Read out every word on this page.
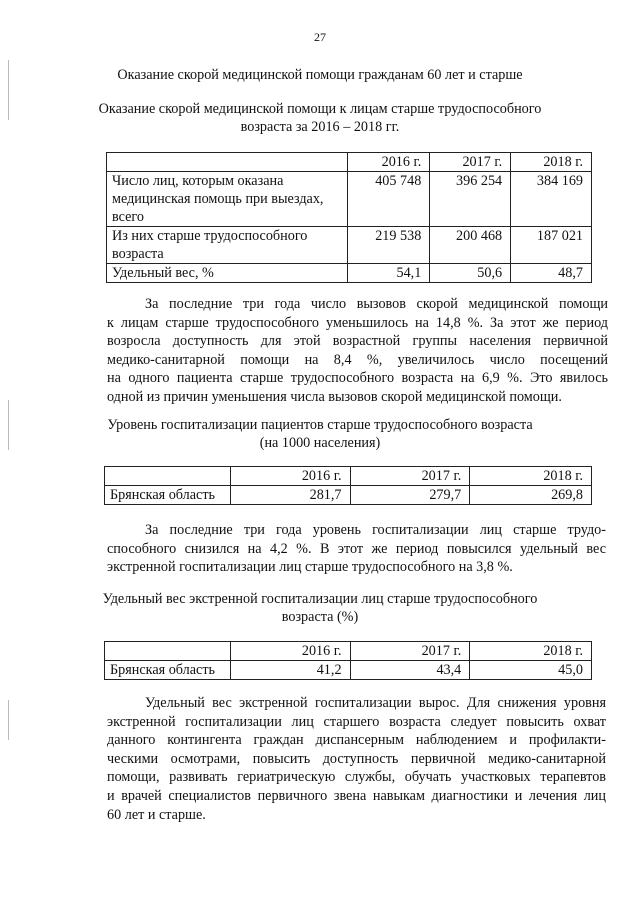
27
Оказание скорой медицинской помощи гражданам 60 лет и старше
Оказание скорой медицинской помощи к лицам старше трудоспособного
возраста за 2016 – 2018 гг.
	2016 г.	2017 г.	2018 г.

Число лиц, которым оказана
медицинская помощь при выездах,
всего	405 748	396 254	384 169

Из них старше трудоспособного
возраста	219 538	200 468	187 021

Удельный вес, %	54,1	50,6	48,7
За последние три года число вызовов скорой медицинской помощи
к лицам старше трудоспособного уменьшилось на 14,8 %. За этот же период
возросла доступность для этой возрастной группы населения первичной
медико-санитарной помощи на 8,4 %, увеличилось число посещений
на одного пациента старше трудоспособного возраста на 6,9 %. Это явилось
одной из причин уменьшения числа вызовов скорой медицинской помощи.
Уровень госпитализации пациентов старше трудоспособного возраста
(на 1000 населения)
	2016 г.	2017 г.	2018 г.
Брянская область	281,7	279,7	269,8
За последние три года уровень госпитализации лиц старше трудо-
способного снизился на 4,2 %. В этот же период повысился удельный вес
экстренной госпитализации лиц старше трудоспособного на 3,8 %.
Удельный вес экстренной госпитализации лиц старше трудоспособного
возраста (%)
	2016 г.	2017 г.	2018 г.
Брянская область	41,2	43,4	45,0
Удельный вес экстренной госпитализации вырос. Для снижения уровня
экстренной госпитализации лиц старшего возраста следует повысить охват
данного контингента граждан диспансерным наблюдением и профилакти-
ческими осмотрами, повысить доступность первичной медико-санитарной
помощи, развивать гериатрическую службы, обучать участковых терапевтов
и врачей специалистов первичного звена навыкам диагностики и лечения лиц
60 лет и старше.
